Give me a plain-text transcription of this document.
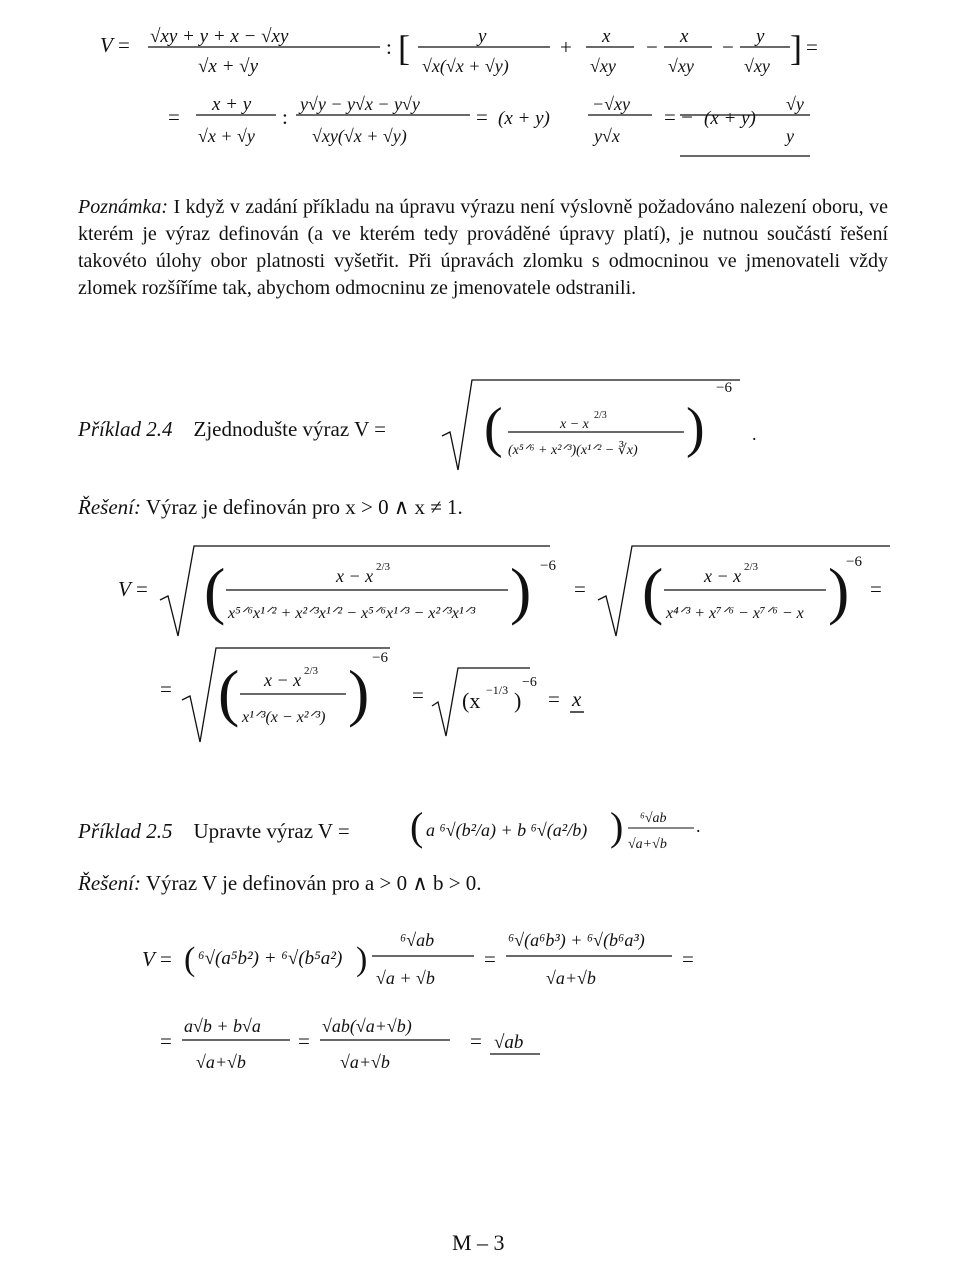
V = √xy + y + x − √xy
√x + √y
: [	y
√x(√x + √y)
+ x
√xy
− x
√xy
− y
√xy ] =
=
x + y
√x + √y
:
y√y − y√x − y√y
√xy(√x + √y)
= (x + y)
−√xy
y√x
= − (x + y)
√y
y
Poznámka: I když v zadání příkladu na úpravu výrazu není výslovně požadováno nalezení oboru, ve kterém je výraz definován (a ve kterém tedy prováděné úpravy platí), je nutnou součástí řešení takovéto úlohy obor platnosti vyšetřit. Při úpravách zlomku s odmocninou ve jmenovateli vždy zlomek rozšíříme tak, abychom odmocninu ze jmenovatele odstranili.
Příklad 2.4 Zjednodušte výraz V = (	x − x
2/3
(x⁵ᐟ⁶ + x²ᐟ³)(x¹ᐟ² − ∛x) )
−6
.
Řešení: Výraz je definován pro x > 0 ∧ x ≠ 1.
V = (	x − x 2/3
x⁵ᐟ⁶x¹ᐟ² + x²ᐟ³x¹ᐟ² − x⁵ᐟ⁶x¹ᐟ³ − x²ᐟ³x¹ᐟ³ ) −6
= ( x − x 2/3
x⁴ᐟ³ + x⁷ᐟ⁶ − x⁷ᐟ⁶ − x )
−6
=
= ( x − x 2/3
x¹ᐟ³(x − x²ᐟ³) ) −6
= (x −1/3 )
−6
= x
Příklad 2.5 Upravte výraz V = ( a ⁶√(b²/a) + b ⁶√(a²/b) ) ⁶√ab
√a+√b
.
Řešení: Výraz V je definován pro a > 0 ∧ b > 0.
V = ( ⁶√(a⁵b²) + ⁶√(b⁵a²) )
⁶√ab
√a + √b
=
⁶√(a⁶b³) + ⁶√(b⁶a³)
√a+√b
=
=
a√b + b√a
√a+√b
=
√ab(√a+√b)
√a+√b
= √ab
M – 3
